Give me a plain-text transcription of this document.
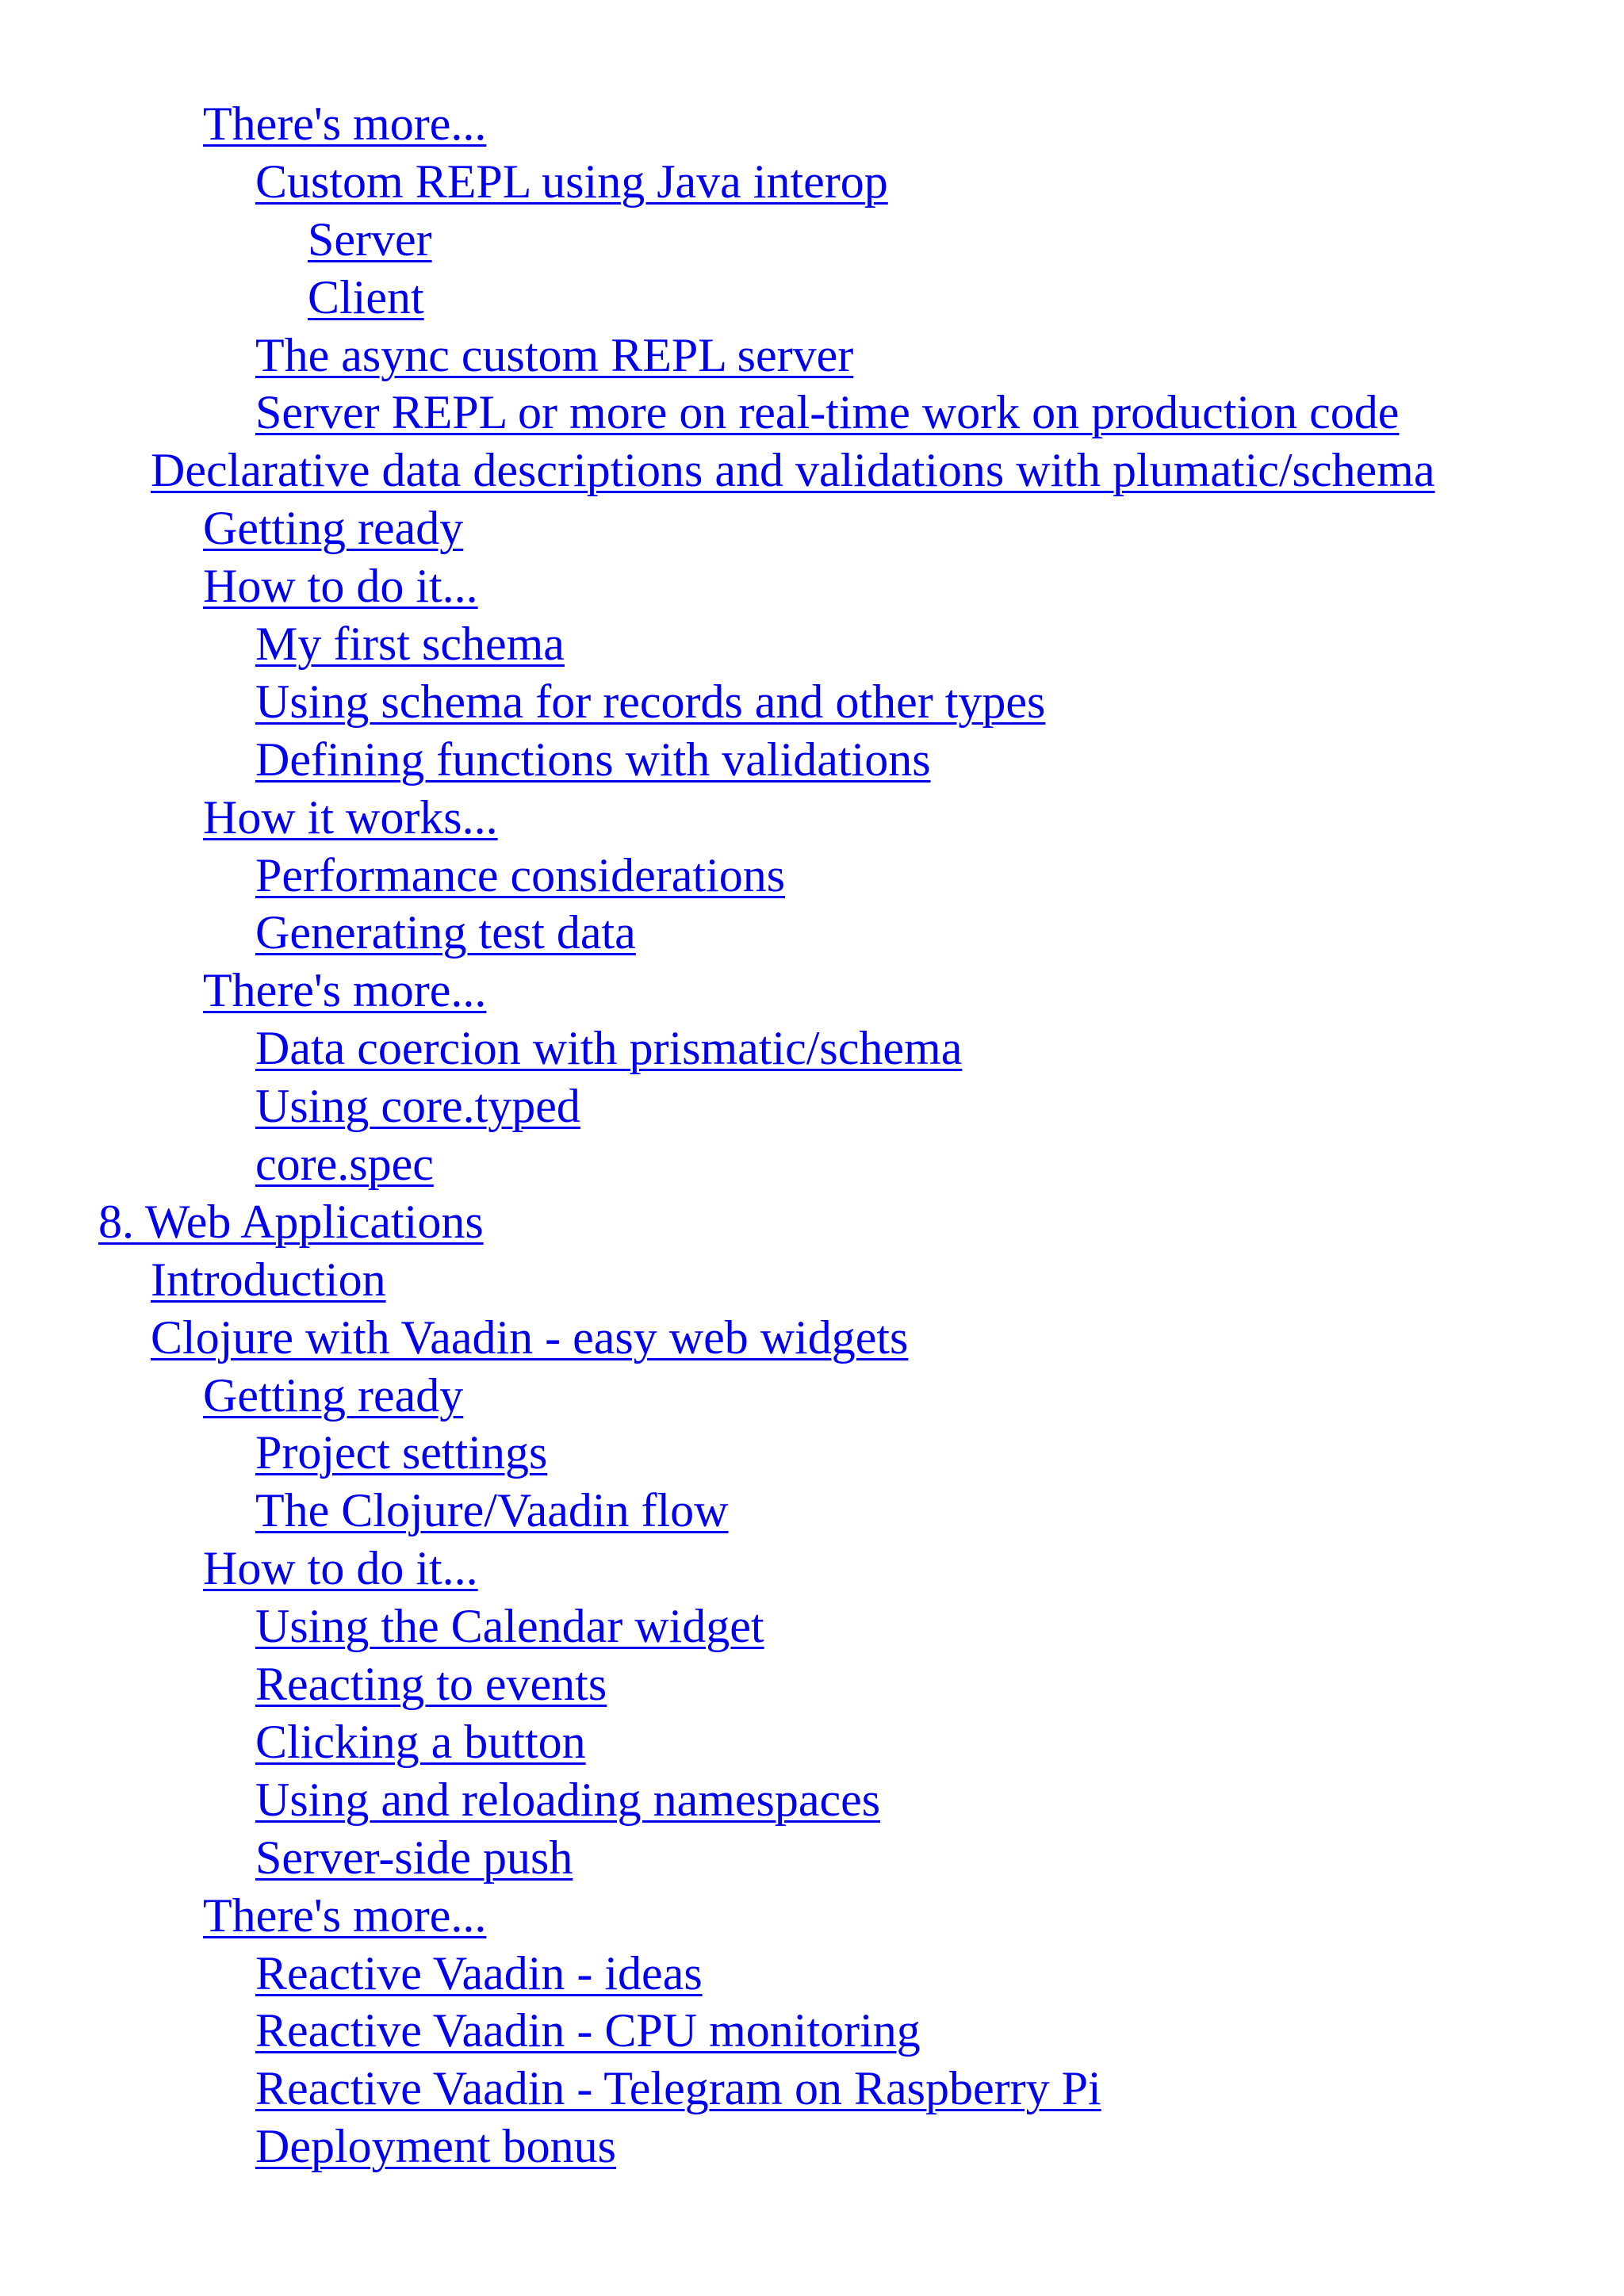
There's more...
Custom REPL using Java interop
Server
Client
The async custom REPL server
Server REPL or more on real-time work on production code
Declarative data descriptions and validations with plumatic/schema
Getting ready
How to do it...
My first schema
Using schema for records and other types
Defining functions with validations
How it works...
Performance considerations
Generating test data
There's more...
Data coercion with prismatic/schema
Using core.typed
core.spec
8. Web Applications
Introduction
Clojure with Vaadin - easy web widgets
Getting ready
Project settings
The Clojure/Vaadin flow
How to do it...
Using the Calendar widget
Reacting to events
Clicking a button
Using and reloading namespaces
Server-side push
There's more...
Reactive Vaadin - ideas
Reactive Vaadin - CPU monitoring
Reactive Vaadin - Telegram on Raspberry Pi
Deployment bonus
